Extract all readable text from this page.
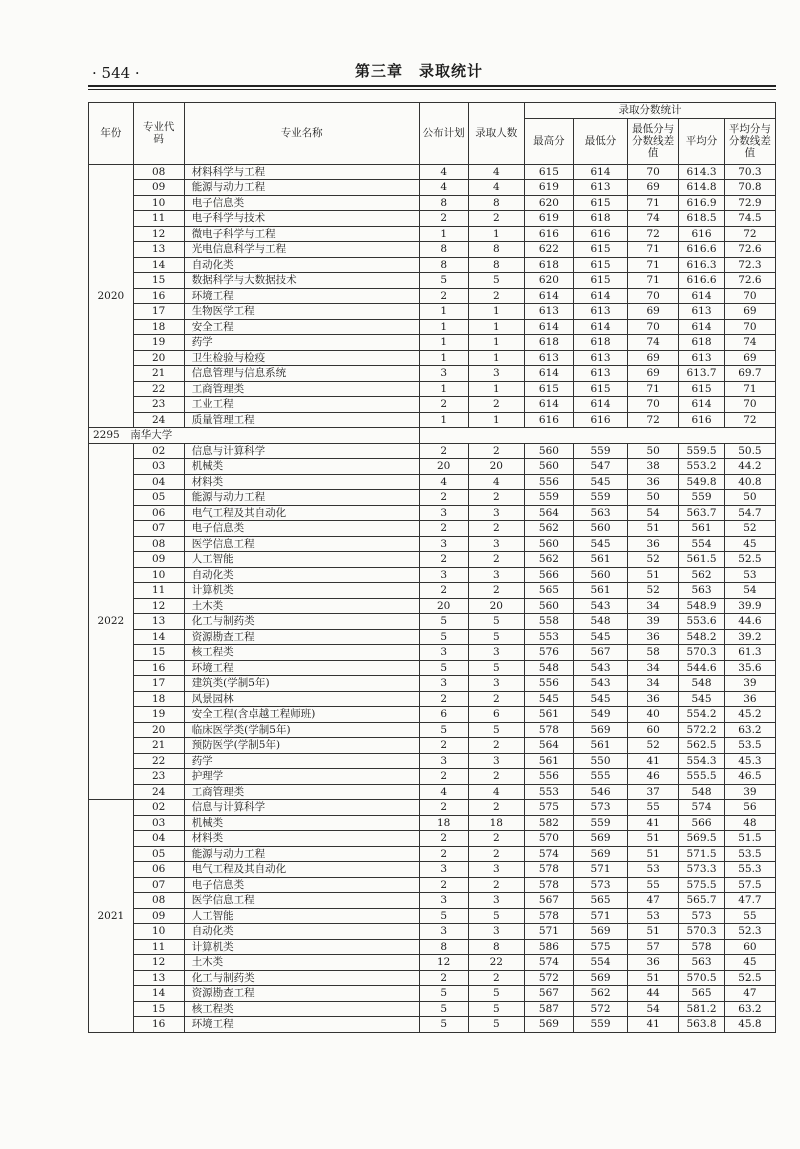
· 544 ·	第三章　录取统计
年份	专业代码	专业名称	公布计划	录取人数	录取分数统计				
					最高分	最低分	最低分与分数线差值	平均分	平均分与分数线差值
2020	08	材料科学与工程	4	4	615	614	70	614.3	70.3
	09	能源与动力工程	4	4	619	613	69	614.8	70.8
	10	电子信息类	8	8	620	615	71	616.9	72.9
	11	电子科学与技术	2	2	619	618	74	618.5	74.5
	12	微电子科学与工程	1	1	616	616	72	616	72
	13	光电信息科学与工程	8	8	622	615	71	616.6	72.6
	14	自动化类	8	8	618	615	71	616.3	72.3
	15	数据科学与大数据技术	5	5	620	615	71	616.6	72.6
	16	环境工程	2	2	614	614	70	614	70
	17	生物医学工程	1	1	613	613	69	613	69
	18	安全工程	1	1	614	614	70	614	70
	19	药学	1	1	618	618	74	618	74
	20	卫生检验与检疫	1	1	613	613	69	613	69
	21	信息管理与信息系统	3	3	614	613	69	613.7	69.7
	22	工商管理类	1	1	615	615	71	615	71
	23	工业工程	2	2	614	614	70	614	70
	24	质量管理工程	1	1	616	616	72	616	72
2295　南华大学									
2022	02	信息与计算科学	2	2	560	559	50	559.5	50.5
	03	机械类	20	20	560	547	38	553.2	44.2
	04	材料类	4	4	556	545	36	549.8	40.8
	05	能源与动力工程	2	2	559	559	50	559	50
	06	电气工程及其自动化	3	3	564	563	54	563.7	54.7
	07	电子信息类	2	2	562	560	51	561	52
	08	医学信息工程	3	3	560	545	36	554	45
	09	人工智能	2	2	562	561	52	561.5	52.5
	10	自动化类	3	3	566	560	51	562	53
	11	计算机类	2	2	565	561	52	563	54
	12	土木类	20	20	560	543	34	548.9	39.9
	13	化工与制药类	5	5	558	548	39	553.6	44.6
	14	资源勘查工程	5	5	553	545	36	548.2	39.2
	15	核工程类	3	3	576	567	58	570.3	61.3
	16	环境工程	5	5	548	543	34	544.6	35.6
	17	建筑类(学制5年)	3	3	556	543	34	548	39
	18	风景园林	2	2	545	545	36	545	36
	19	安全工程(含卓越工程师班)	6	6	561	549	40	554.2	45.2
	20	临床医学类(学制5年)	5	5	578	569	60	572.2	63.2
	21	预防医学(学制5年)	2	2	564	561	52	562.5	53.5
	22	药学	3	3	561	550	41	554.3	45.3
	23	护理学	2	2	556	555	46	555.5	46.5
	24	工商管理类	4	4	553	546	37	548	39
2021	02	信息与计算科学	2	2	575	573	55	574	56
	03	机械类	18	18	582	559	41	566	48
	04	材料类	2	2	570	569	51	569.5	51.5
	05	能源与动力工程	2	2	574	569	51	571.5	53.5
	06	电气工程及其自动化	3	3	578	571	53	573.3	55.3
	07	电子信息类	2	2	578	573	55	575.5	57.5
	08	医学信息工程	3	3	567	565	47	565.7	47.7
	09	人工智能	5	5	578	571	53	573	55
	10	自动化类	3	3	571	569	51	570.3	52.3
	11	计算机类	8	8	586	575	57	578	60
	12	土木类	12	22	574	554	36	563	45
	13	化工与制药类	2	2	572	569	51	570.5	52.5
	14	资源勘查工程	5	5	567	562	44	565	47
	15	核工程类	5	5	587	572	54	581.2	63.2
	16	环境工程	5	5	569	559	41	563.8	45.8
